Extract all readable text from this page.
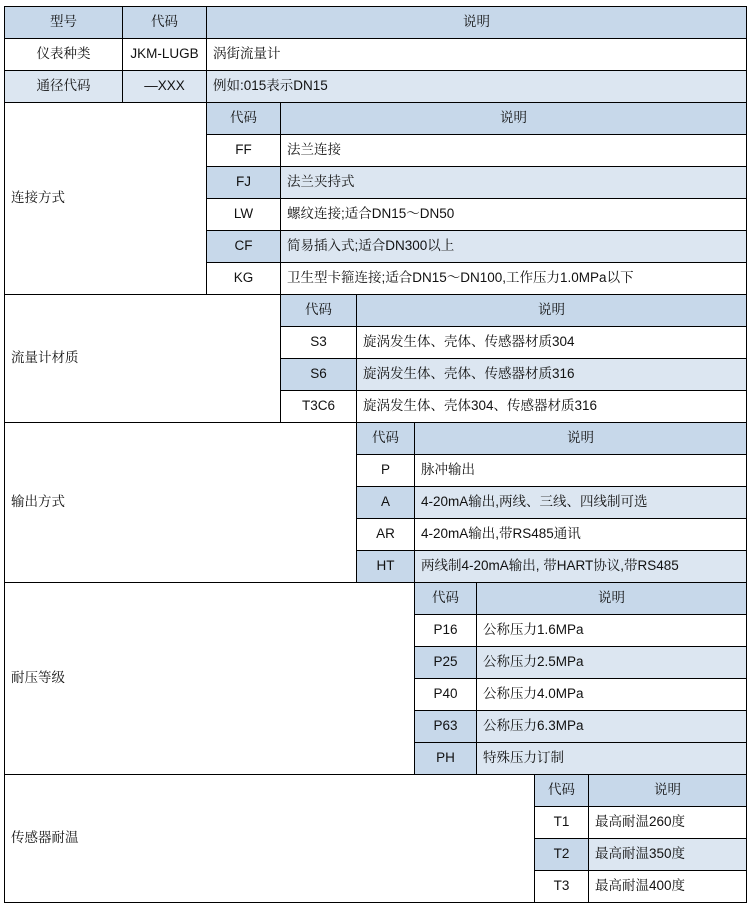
型号	代码	说明						
仪表种类	JKM-LUGB	涡街流量计						
通径代码	—XXX	例如:015表示DN15						

连接方式		代码	说明					
		FF	法兰连接					
		FJ	法兰夹持式					
		LW	螺纹连接;适合DN15～DN50					
		CF	简易插入式;适合DN300以上					
		KG	卫生型卡箍连接;适合DN15～DN100,工作压力1.0MPa以下					

流量计材质			代码	说明				
			S3	旋涡发生体、壳体、传感器材质304				
			S6	旋涡发生体、壳体、传感器材质316				
			T3C6	旋涡发生体、壳体304、传感器材质316				

输出方式				代码	说明			
				P	脉冲输出			
				A	4-20mA输出,两线、三线、四线制可选			
				AR	4-20mA输出,带RS485通讯			
				HT	两线制4-20mA输出, 带HART协议,带RS485			

耐压等级					代码	说明		
					P16	公称压力1.6MPa		
					P25	公称压力2.5MPa		
					P40	公称压力4.0MPa		
					P63	公称压力6.3MPa		
					PH	特殊压力订制		

传感器耐温							代码	说明
							T1	最高耐温260度
							T2	最高耐温350度
							T3	最高耐温400度
